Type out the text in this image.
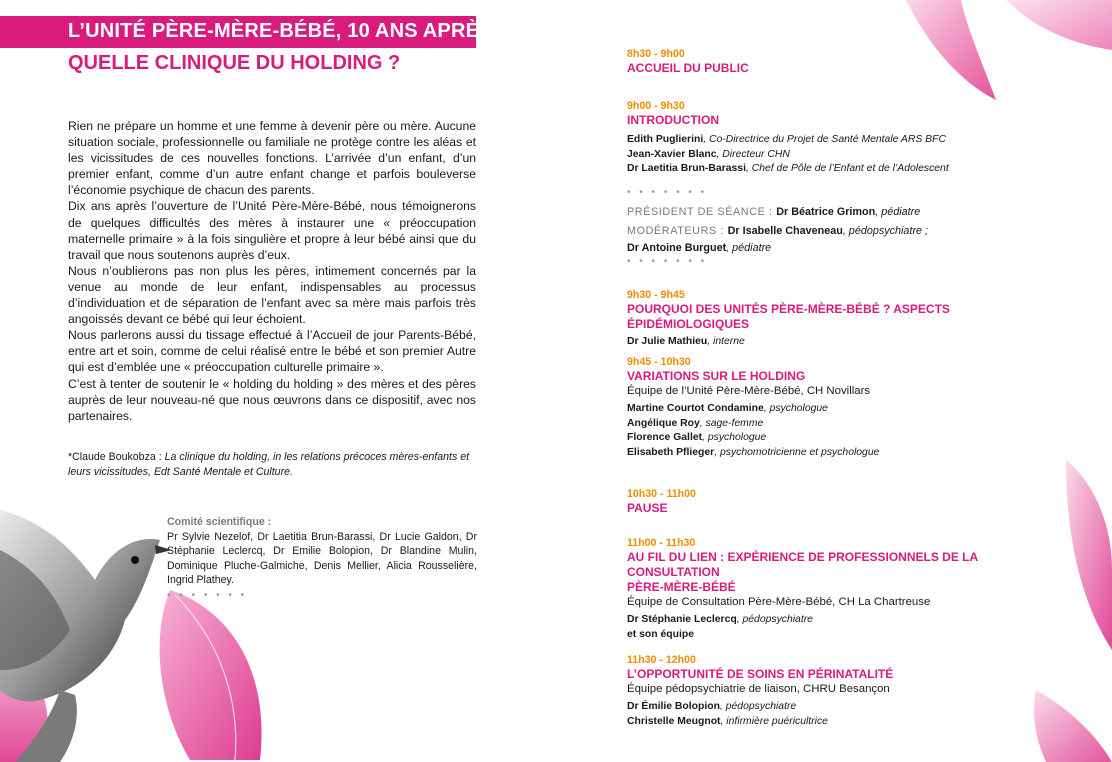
L’UNITÉ PÈRE-MÈRE-BÉBÉ, 10 ANS APRÈS :
QUELLE CLINIQUE DU HOLDING ?

Rien ne prépare un homme et une femme à devenir père ou mère. Aucune situation sociale, professionnelle ou familiale ne protège contre les aléas et les vicissitudes de ces nouvelles fonctions. L’arrivée d’un enfant, d’un premier enfant, comme d’un autre enfant change et parfois bouleverse l’économie psychique de chacun des parents.

Dix ans après l’ouverture de l’Unité Père-Mère-Bébé, nous témoignerons de quelques difficultés des mères à instaurer une « préoccupation maternelle primaire » à la fois singulière et propre à leur bébé ainsi que du travail que nous soutenons auprès d’eux.

Nous n’oublierons pas non plus les pères, intimement concernés par la venue au monde de leur enfant, indispensables au processus d’individuation et de séparation de l’enfant avec sa mère mais parfois très angoissés devant ce bébé qui leur échoient.

Nous parlerons aussi du tissage effectué à l’Accueil de jour Parents-Bébé, entre art et soin, comme de celui réalisé entre le bébé et son premier Autre qui est d’emblée une « préoccupation culturelle primaire ».

C’est à tenter de soutenir le « holding du holding » des mères et des pères auprès de leur nouveau-né que nous œuvrons dans ce dispositif, avec nos partenaires.

*Claude Boukobza : La clinique du holding, in les relations précoces mères-enfants et leurs vicissitudes, Edt Santé Mentale et Culture.
Comité scientifique :
Pr Sylvie Nezelof, Dr Laetitia Brun-Barassi, Dr Lucie Galdon, Dr Stéphanie Leclercq, Dr Emilie Bolopion, Dr Blandine Mulin, Dominique Pluche-Galmiche, Denis Mellier, Alicia Rousselière, Ingrid Plathey.
• • • • • • •
8h30 - 9h00
ACCUEIL DU PUBLIC
9h00 - 9h30
INTRODUCTION
Edith Puglierini, Co-Directrice du Projet de Santé Mentale ARS BFC
Jean-Xavier Blanc, Directeur CHN
Dr Laetitia Brun-Barassi, Chef de Pôle de l’Enfant et de l’Adolescent
• • • • • • •
PRÉSIDENT DE SÉANCE : Dr Béatrice Grimon, pédiatre
MODÉRATEURS : Dr Isabelle Chaveneau, pédopsychiatre ;
Dr Antoine Burguet, pédiatre
• • • • • • •
9h30 - 9h45
POURQUOI DES UNITÉS PÈRE-MÈRE-BÉBÉ ? ASPECTS ÉPIDÉMIOLOGIQUES
Dr Julie Mathieu, interne
9h45 - 10h30
VARIATIONS SUR LE HOLDING
Équipe de l’Unité Père-Mère-Bébé, CH Novillars
Martine Courtot Condamine, psychologue
Angélique Roy, sage-femme
Florence Gallet, psychologue
Elisabeth Pflieger, psychomotricienne et psychologue
10h30 - 11h00
PAUSE
11h00 - 11h30
AU FIL DU LIEN : EXPÉRIENCE DE PROFESSIONNELS DE LA CONSULTATION
PÈRE-MÈRE-BÉBÉ
Équipe de Consultation Père-Mère-Bébé, CH La Chartreuse
Dr Stéphanie Leclercq, pédopsychiatre
et son équipe
11h30 - 12h00
L’OPPORTUNITÉ DE SOINS EN PÉRINATALITÉ
Équipe pédopsychiatrie de liaison, CHRU Besançon
Dr Émilie Bolopion, pédopsychiatre
Christelle Meugnot, infirmière puéricultrice
